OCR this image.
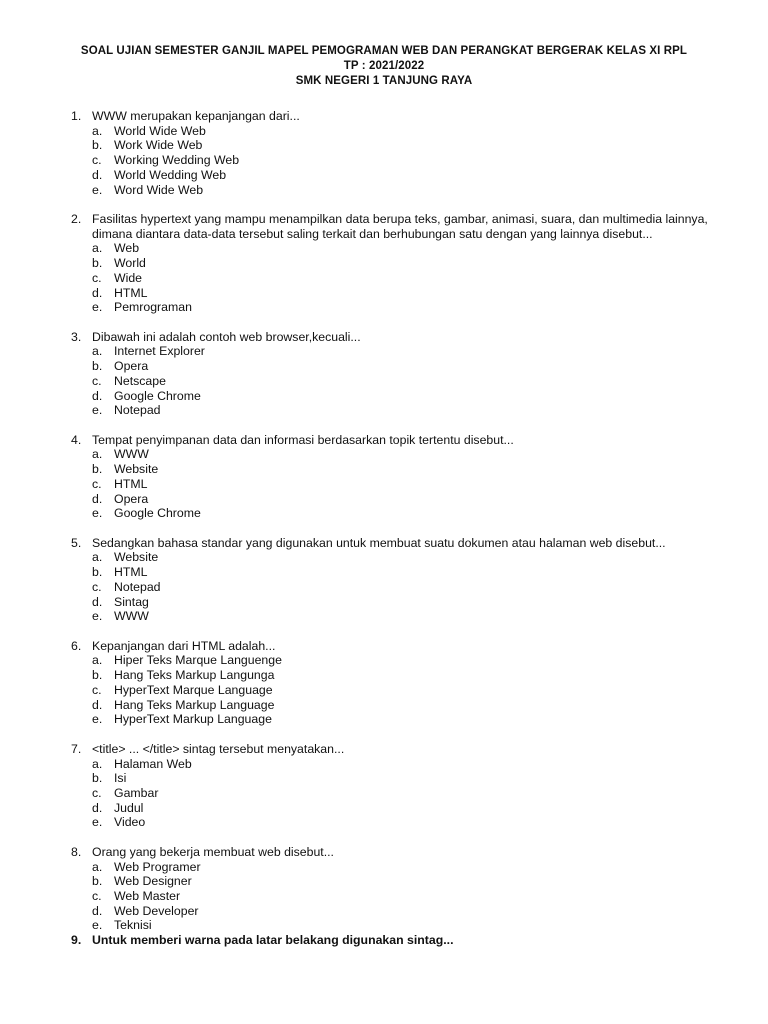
SOAL UJIAN SEMESTER GANJIL MAPEL PEMOGRAMAN WEB DAN PERANGKAT BERGERAK KELAS XI RPL
TP : 2021/2022
SMK NEGERI 1 TANJUNG RAYA
1. WWW merupakan kepanjangan dari...
a. World Wide Web
b. Work Wide Web
c.	Working Wedding Web
d. World Wedding Web
e. Word Wide Web
2. Fasilitas hypertext yang mampu menampilkan data berupa teks, gambar, animasi, suara, dan multimedia lainnya, dimana diantara data-data tersebut saling terkait dan berhubungan satu dengan yang lainnya disebut...
a. Web
b. World
c.	Wide
d. HTML
e. Pemrograman
3. Dibawah ini adalah contoh web browser,kecuali...
a. Internet Explorer
b. Opera
c.	Netscape
d. Google Chrome
e. Notepad
4. Tempat penyimpanan data dan informasi berdasarkan topik tertentu disebut...
a. WWW
b. Website
c.	HTML
d. Opera
e. Google Chrome
5. Sedangkan bahasa standar yang digunakan untuk membuat suatu dokumen atau halaman web disebut...
a. Website
b. HTML
c.	Notepad
d. Sintag
e. WWW
6. Kepanjangan dari HTML adalah...
a. Hiper Teks Marque Languenge
b. Hang Teks Markup Langunga
c.	HyperText Marque Language
d. Hang Teks Markup Language
e. HyperText Markup Language
7. <title> ... </title> sintag tersebut menyatakan...
a. Halaman Web
b. Isi
c.	Gambar
d. Judul
e. Video
8. Orang yang bekerja membuat web disebut...
a. Web Programer
b. Web Designer
c.	Web Master
d. Web Developer
e. Teknisi
9. Untuk memberi warna pada latar belakang digunakan sintag...
